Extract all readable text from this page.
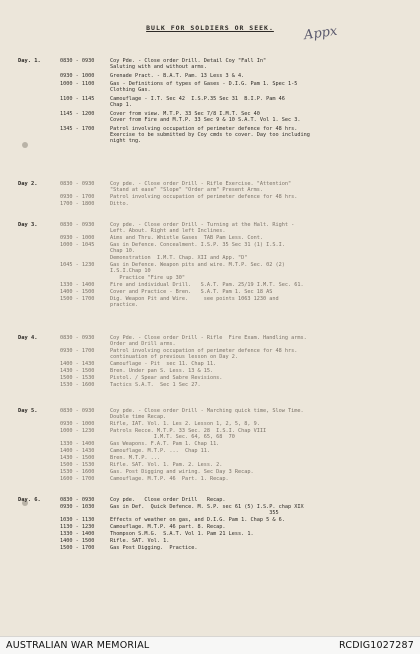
BULK FOR SOLDIERS OR SEEK.	Appx
Day. 1.	0830 - 0930	Coy Pde. - Close order Drill. Detail Coy "Fall In"
Saluting with and without arms.
0930 - 1000	Grenade Pract. - B.A.T. Pam. 13 Less 3 & 4.
1000 - 1100	Gas - Definitions of types of Gases - D.I.G. Pam 1. Spec 1-5
Clothing Gas.
1100 - 1145	Camouflage - I.T. Sec 42  I.S.P.35 Sec 31  B.I.P. Pam 46
Chap 1.
1145 - 1200	Cover from view. M.T.P. 33 Sec 7/8 I.M.T. Sec 40
Cover from Fire and M.T.P. 33 Sec 9 & 10 S.A.T. Vol 1. Sec 3.
1345 - 1700	Patrol involving occupation of perimeter defence for 48 hrs.
Exercise to be submitted by Coy cmds to cover. Day too including
night tng.
Day 2.	0830 - 0930	Coy pde. - Close order Drill - Rifle Exercise. "Attention"
"Stand at ease" "Slope" "Order arm" Present Arms.
0930 - 1700	Patrol involving occupation of perimeter defence for 48 hrs.
1700 - 1800	Ditto.
Day 3.	0830 - 0930	Coy pde. - Close order Drill - Turning at the Halt. Right -
Left. About. Right and left Inclines.
0930 - 1000	Aims and Thru. Whistle Gases  TAB Pam Less. Cont.
1000 - 1045	Gas in Defence. Concealment. I.S.P. 35 Sec 31 (1) I.S.I.
Chap 10.
Demonstration  I.M.T. Chap. XII and App. "D"
1045 - 1230	Gas in Defence. Weapon pits and wire. M.T.P. Sec. 02 (2)
I.S.I.Chap 10
Practice "Fire up 30"
1330 - 1400	Fire and individual Drill.   S.A.T. Pam. 25/19 I.M.T. Sec. 61.
1400 - 1500	Cover and Practice - Bren.   S.A.T. Pam 1. Sec 18 AS
1500 - 1700	Dig. Weapon Pit and Wire.     see points 1063 1230 and
practice.
Day 4.	0830 - 0930	Coy Pde. - Close order Drill - Rifle  Fire Exam. Handling arms.
Order and Drill arms.
0930 - 1700	Patrol involving occupation of perimeter defence for 48 hrs.
continuation of previous lesson on Day 2.
1400 - 1430	Camouflage - Pit  sec 11. Chap 11.
1430 - 1500	Bren. Under pan S. Less. 13 & 15.
1500 - 1530	Pistol. / Spear and Sabre Revisions.
1530 - 1600	Tactics S.A.T.  Sec 1 Sec 27.
Day 5.	0830 - 0930	Coy pde. - Close order Drill - Marching quick time, Slow Time.
Double time Recap.
0930 - 1000	Rifle, IAT. Vol. 1. Les 2. Lesson 1, 2, 5, 8, 9.
1000 - 1230	Patrols Recce. M.T.P. 33 Sec. 28  I.S.I. Chap VIII
I.M.T. Sec. 64, 65, 68  70
1330 - 1400	Gas Weapons. F.A.T. Pam 1. Chap 11.
1400 - 1430	Camouflage. M.T.P. ...  Chap 11.
1430 - 1500	Bren. M.T.P. ...
1500 - 1530	Rifle. SAT. Vol. 1. Pam. 2. Less. 2.
1530 - 1600	Gas. Post Digging and wiring. Sec Day 3 Recap.
1600 - 1700	Camouflage. M.T.P. 46  Part. 1. Recap.
Day. 6.	0830 - 0930	Coy pde.   Close order Drill   Recap.
0930 - 1030	Gas in Def.  Quick Defence. M. S.P. sec 61 (5) I.S.P. chap XIX
355
1030 - 1130	Effects of weather on gas, and D.I.G. Pam 1. Chap 5 & 6.
1130 - 1230	Camouflage. M.T.P. 46 part. 8. Recap.
1330 - 1400	Thompson S.M.G.  S.A.T. Vol 1. Pam 21 Less. 1.
1400 - 1500	Rifle. SAT. Vol. 1.
1500 - 1700	Gas Post Digging.  Practice.
AUSTRALIAN WAR MEMORIAL	RCDIG1027287
